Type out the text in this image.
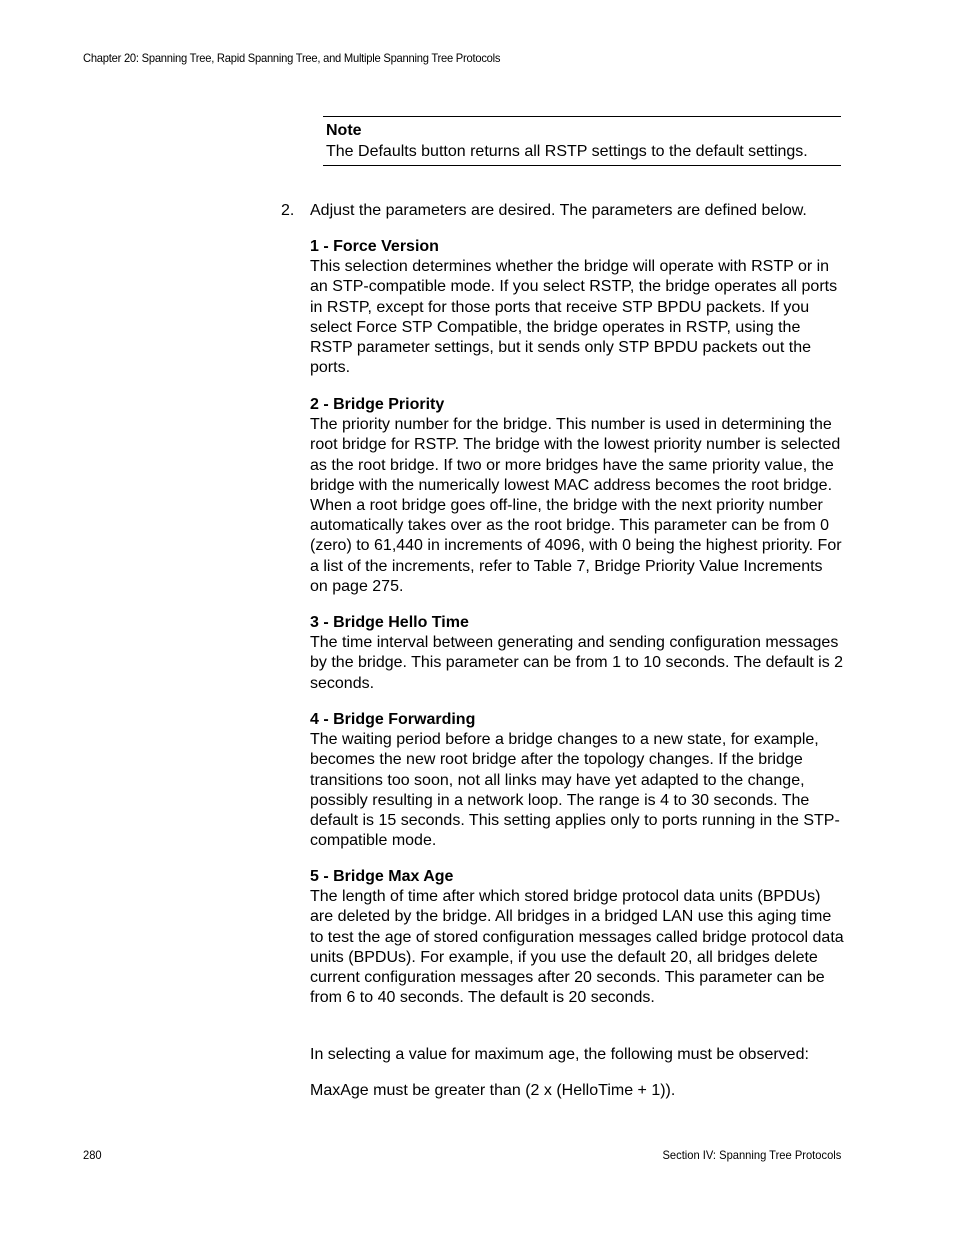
Chapter 20: Spanning Tree, Rapid Spanning Tree, and Multiple Spanning Tree Protocols
Note
The Defaults button returns all RSTP settings to the default settings.
2. Adjust the parameters are desired. The parameters are defined below.
1 - Force Version
This selection determines whether the bridge will operate with RSTP or in an STP-compatible mode. If you select RSTP, the bridge operates all ports in RSTP, except for those ports that receive STP BPDU packets. If you select Force STP Compatible, the bridge operates in RSTP, using the RSTP parameter settings, but it sends only STP BPDU packets out the ports.
2 - Bridge Priority
The priority number for the bridge. This number is used in determining the root bridge for RSTP. The bridge with the lowest priority number is selected as the root bridge. If two or more bridges have the same priority value, the bridge with the numerically lowest MAC address becomes the root bridge. When a root bridge goes off-line, the bridge with the next priority number automatically takes over as the root bridge. This parameter can be from 0 (zero) to 61,440 in increments of 4096, with 0 being the highest priority. For a list of the increments, refer to Table 7, Bridge Priority Value Increments on page 275.
3 - Bridge Hello Time
The time interval between generating and sending configuration messages by the bridge. This parameter can be from 1 to 10 seconds. The default is 2 seconds.
4 - Bridge Forwarding
The waiting period before a bridge changes to a new state, for example, becomes the new root bridge after the topology changes. If the bridge transitions too soon, not all links may have yet adapted to the change, possibly resulting in a network loop. The range is 4 to 30 seconds. The default is 15 seconds. This setting applies only to ports running in the STP-compatible mode.
5 - Bridge Max Age
The length of time after which stored bridge protocol data units (BPDUs) are deleted by the bridge. All bridges in a bridged LAN use this aging time to test the age of stored configuration messages called bridge protocol data units (BPDUs). For example, if you use the default 20, all bridges delete current configuration messages after 20 seconds. This parameter can be from 6 to 40 seconds. The default is 20 seconds.
In selecting a value for maximum age, the following must be observed:
MaxAge must be greater than (2 x (HelloTime + 1)).
280	Section IV: Spanning Tree Protocols
